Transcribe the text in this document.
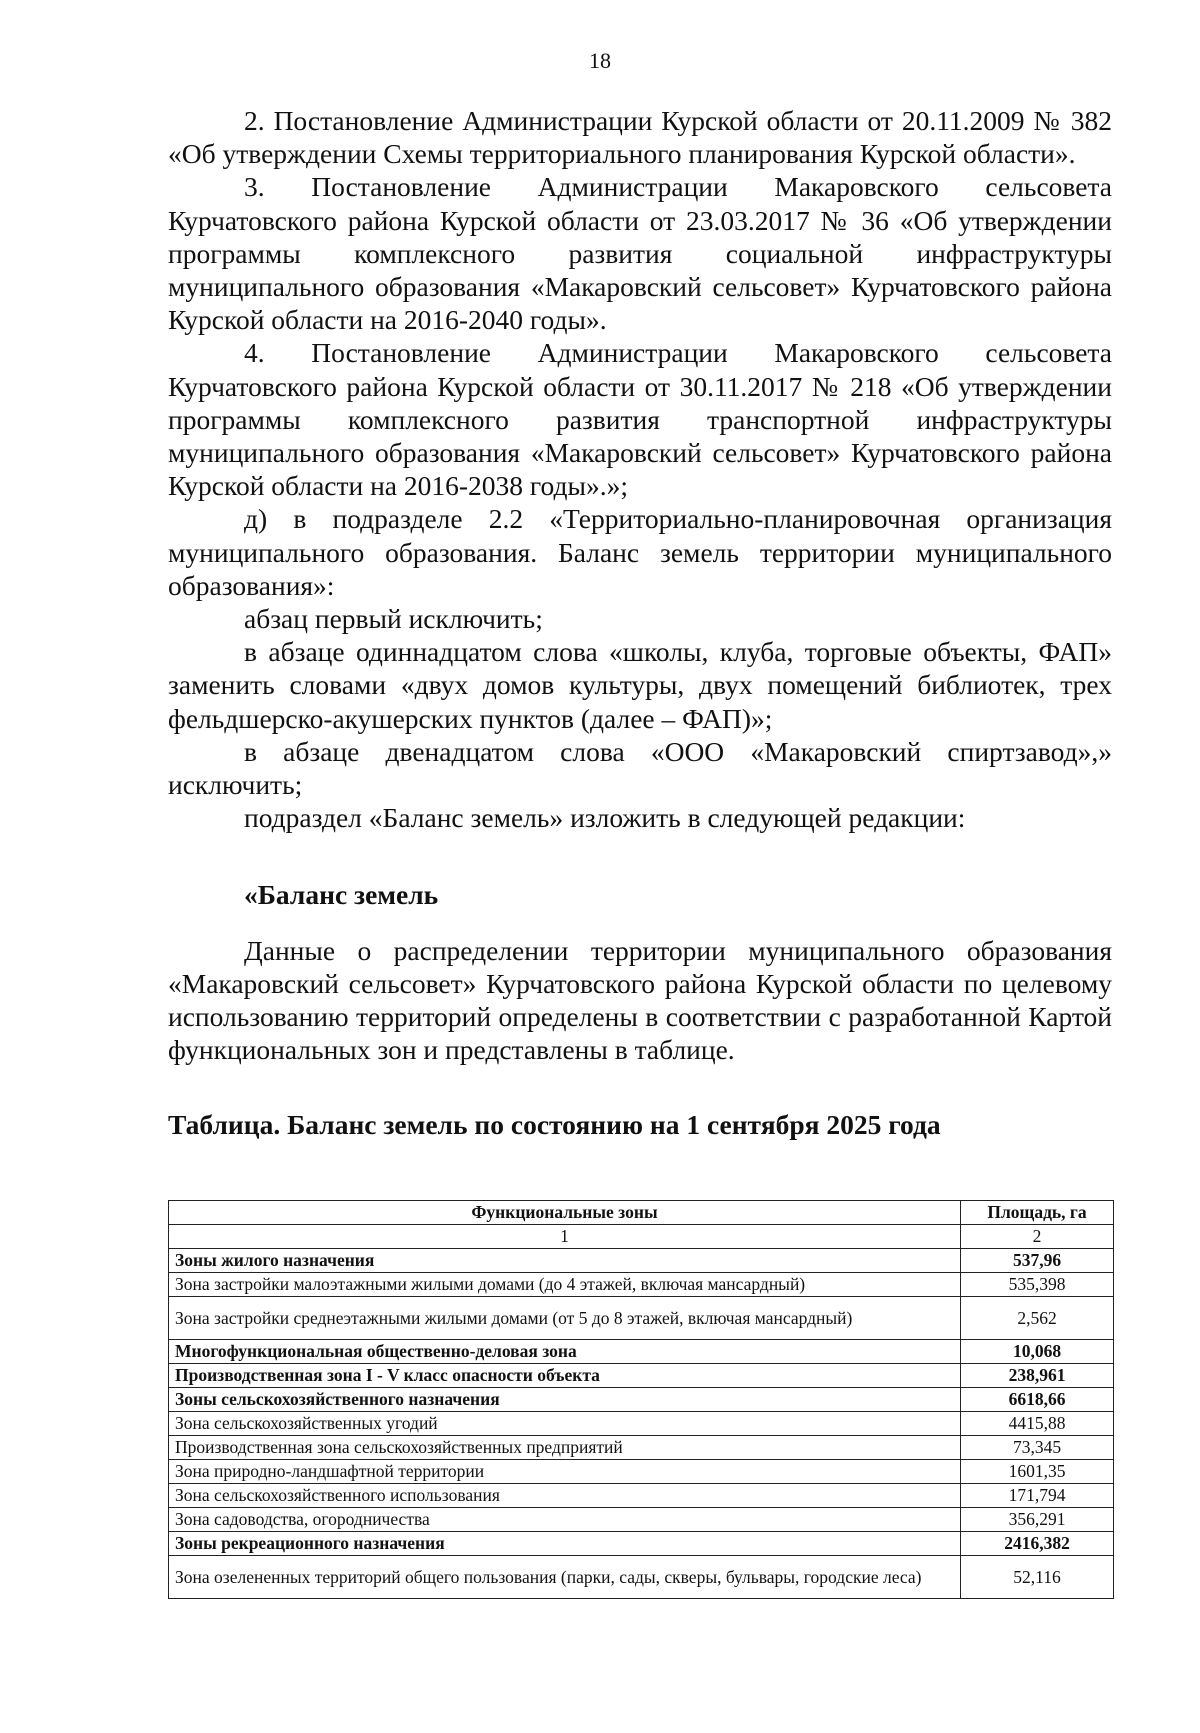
18

2. Постановление Администрации Курской области от 20.11.2009 № 382 «Об утверждении Схемы территориального планирования Курской области».

3. Постановление Администрации Макаровского сельсовета Курчатовского района Курской области от 23.03.2017 № 36 «Об утверждении программы комплексного развития социальной инфраструктуры муниципального образования «Макаровский сельсовет» Курчатовского района Курской области на 2016-2040 годы».

4. Постановление Администрации Макаровского сельсовета Курчатовского района Курской области от 30.11.2017 № 218 «Об утверждении программы комплексного развития транспортной инфраструктуры муниципального образования «Макаровский сельсовет» Курчатовского района Курской области на 2016-2038 годы».»;

д) в подразделе 2.2 «Территориально-планировочная организация муниципального образования. Баланс земель территории муниципального образования»:

абзац первый исключить;

в абзаце одиннадцатом слова «школы, клуба, торговые объекты, ФАП» заменить словами «двух домов культуры, двух помещений библиотек, трех фельдшерско-акушерских пунктов (далее – ФАП)»;

в абзаце двенадцатом слова «ООО «Макаровский спиртзавод»,» исключить;

подраздел «Баланс земель» изложить в следующей редакции:

«Баланс земель

Данные о распределении территории муниципального образования «Макаровский сельсовет» Курчатовского района Курской области по целевому использованию территорий определены в соответствии с разработанной Картой функциональных зон и представлены в таблице.

Таблица. Баланс земель по состоянию на 1 сентября 2025 года

Функциональные зоны	Площадь, га
1	2
Зоны жилого назначения	537,96
Зона застройки малоэтажными жилыми домами (до 4 этажей, включая мансардный)	535,398
Зона застройки среднеэтажными жилыми домами (от 5 до 8 этажей, включая мансардный)	2,562
Многофункциональная общественно-деловая зона	10,068
Производственная зона I - V класс опасности объекта	238,961
Зоны сельскохозяйственного назначения	6618,66
Зона сельскохозяйственных угодий	4415,88
Производственная зона сельскохозяйственных предприятий	73,345
Зона природно-ландшафтной территории	1601,35
Зона сельскохозяйственного использования	171,794
Зона садоводства, огородничества	356,291
Зоны рекреационного назначения	2416,382
Зона озелененных территорий общего пользования (парки, сады, скверы, бульвары, городские леса)	52,116
